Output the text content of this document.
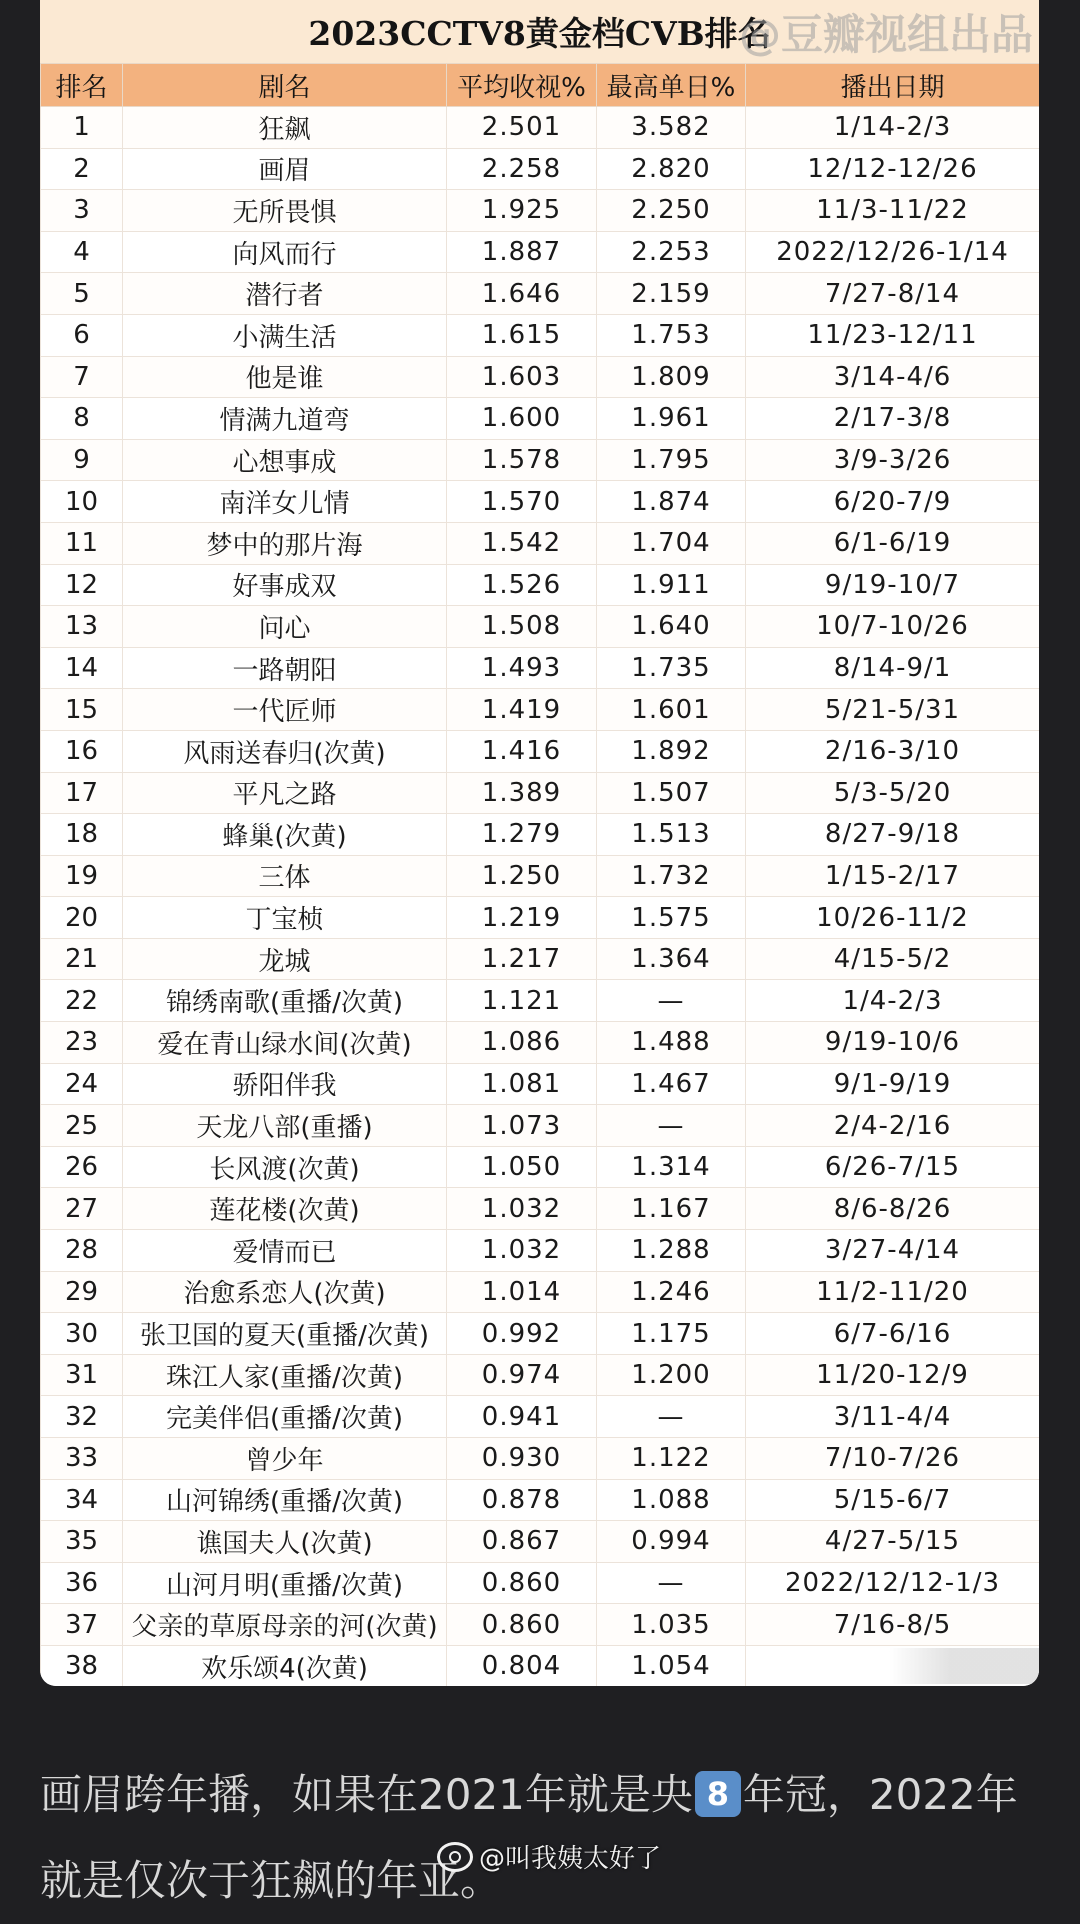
2023CCTV8黄金档CVB排名
@豆瓣视组出品
排名	剧名	平均收视%	最高单日%	播出日期
1	狂飙	2.501	3.582	1/14-2/3
2	画眉	2.258	2.820	12/12-12/26
3	无所畏惧	1.925	2.250	11/3-11/22
4	向风而行	1.887	2.253	2022/12/26-1/14
5	潜行者	1.646	2.159	7/27-8/14
6	小满生活	1.615	1.753	11/23-12/11
7	他是谁	1.603	1.809	3/14-4/6
8	情满九道弯	1.600	1.961	2/17-3/8
9	心想事成	1.578	1.795	3/9-3/26
10	南洋女儿情	1.570	1.874	6/20-7/9
11	梦中的那片海	1.542	1.704	6/1-6/19
12	好事成双	1.526	1.911	9/19-10/7
13	问心	1.508	1.640	10/7-10/26
14	一路朝阳	1.493	1.735	8/14-9/1
15	一代匠师	1.419	1.601	5/21-5/31
16	风雨送春归(次黄)	1.416	1.892	2/16-3/10
17	平凡之路	1.389	1.507	5/3-5/20
18	蜂巢(次黄)	1.279	1.513	8/27-9/18
19	三体	1.250	1.732	1/15-2/17
20	丁宝桢	1.219	1.575	10/26-11/2
21	龙城	1.217	1.364	4/15-5/2
22	锦绣南歌(重播/次黄)	1.121	—	1/4-2/3
23	爱在青山绿水间(次黄)	1.086	1.488	9/19-10/6
24	骄阳伴我	1.081	1.467	9/1-9/19
25	天龙八部(重播)	1.073	—	2/4-2/16
26	长风渡(次黄)	1.050	1.314	6/26-7/15
27	莲花楼(次黄)	1.032	1.167	8/6-8/26
28	爱情而已	1.032	1.288	3/27-4/14
29	治愈系恋人(次黄)	1.014	1.246	11/2-11/20
30	张卫国的夏天(重播/次黄)	0.992	1.175	6/7-6/16
31	珠江人家(重播/次黄)	0.974	1.200	11/20-12/9
32	完美伴侣(重播/次黄)	0.941	—	3/11-4/4
33	曾少年	0.930	1.122	7/10-7/26
34	山河锦绣(重播/次黄)	0.878	1.088	5/15-6/7
35	谯国夫人(次黄)	0.867	0.994	4/27-5/15
36	山河月明(重播/次黄)	0.860	—	2022/12/12-1/3
37	父亲的草原母亲的河(次黄)	0.860	1.035	7/16-8/5
38	欢乐颂4(次黄)	0.804	1.054	
画眉跨年播，如果在2021年就是央 8 年冠，2022年就是仅次于狂飙的年亚。
@叫我姨太好了
